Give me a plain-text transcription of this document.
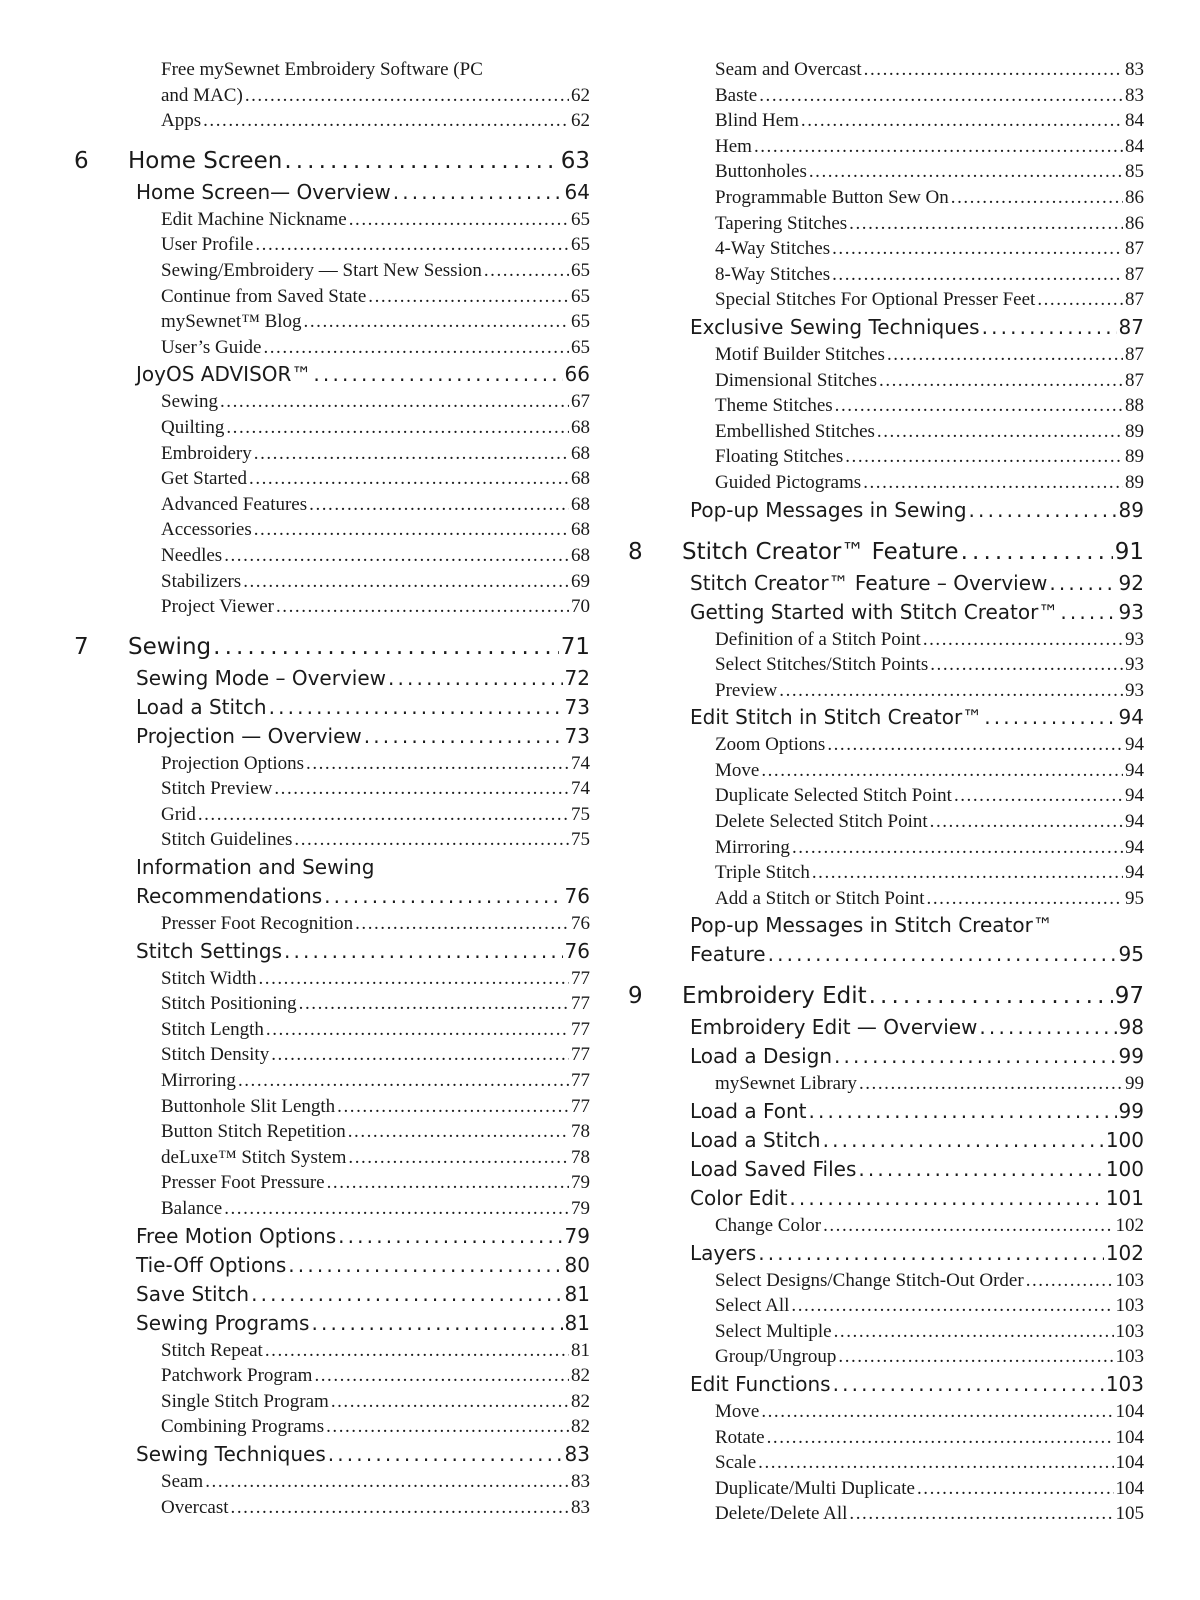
Free mySewnet Embroidery Software (PC
and MAC) . . .	62
Apps . . .	62
6 Home Screen . . .	63
Home Screen— Overview . . .	64
Edit Machine Nickname . . .	65
User Profile . . .	65
Sewing/Embroidery — Start New Session . . .	65
Continue from Saved State . . .	65
mySewnet™ Blog . . .	65
User’s Guide . . .	65
JoyOS ADVISOR™ . . .	66
Sewing . . .	67
Quilting . . .	68
Embroidery . . .	68
Get Started . . .	68
Advanced Features . . .	68
Accessories . . .	68
Needles . . .	68
Stabilizers . . .	69
Project Viewer . . .	70
7 Sewing . . .	71
Sewing Mode – Overview . . .	72
Load a Stitch . . .	73
Projection — Overview . . .	73
Projection Options . . .	74
Stitch Preview . . .	74
Grid . . .	75
Stitch Guidelines . . .	75
Information and Sewing
Recommendations . . .	76
Presser Foot Recognition . . .	76
Stitch Settings . . .	76
Stitch Width . . .	77
Stitch Positioning . . .	77
Stitch Length . . .	77
Stitch Density . . .	77
Mirroring . . .	77
Buttonhole Slit Length . . .	77
Button Stitch Repetition . . .	78
deLuxe™ Stitch System . . .	78
Presser Foot Pressure . . .	79
Balance . . .	79
Free Motion Options . . .	79
Tie-Off Options . . .	80
Save Stitch . . .	81
Sewing Programs . . .	81
Stitch Repeat . . .	81
Patchwork Program . . .	82
Single Stitch Program . . .	82
Combining Programs . . .	82
Sewing Techniques . . .	83
Seam . . .	83
Overcast . . .	83
Seam and Overcast . . .	83
Baste . . .	83
Blind Hem . . .	84
Hem . . .	84
Buttonholes . . .	85
Programmable Button Sew On . . .	86
Tapering Stitches . . .	86
4-Way Stitches . . .	87
8-Way Stitches . . .	87
Special Stitches For Optional Presser Feet . . .	87
Exclusive Sewing Techniques . . .	87
Motif Builder Stitches . . .	87
Dimensional Stitches . . .	87
Theme Stitches . . .	88
Embellished Stitches . . .	89
Floating Stitches . . .	89
Guided Pictograms . . .	89
Pop-up Messages in Sewing . . .	89
8 Stitch Creator™ Feature . . .	91
Stitch Creator™ Feature – Overview . . .	92
Getting Started with Stitch Creator™ . . .	93
Definition of a Stitch Point . . .	93
Select Stitches/Stitch Points . . .	93
Preview . . .	93
Edit Stitch in Stitch Creator™ . . .	94
Zoom Options . . .	94
Move . . .	94
Duplicate Selected Stitch Point . . .	94
Delete Selected Stitch Point . . .	94
Mirroring . . .	94
Triple Stitch . . .	94
Add a Stitch or Stitch Point . . .	95
Pop-up Messages in Stitch Creator™
Feature . . .	95
9 Embroidery Edit . . .	97
Embroidery Edit — Overview . . .	98
Load a Design . . .	99
mySewnet Library . . .	99
Load a Font . . .	99
Load a Stitch . . .	100
Load Saved Files . . .	100
Color Edit . . .	101
Change Color . . .	102
Layers . . .	102
Select Designs/Change Stitch-Out Order . . .	103
Select All . . .	103
Select Multiple . . .	103
Group/Ungroup . . .	103
Edit Functions . . .	103
Move . . .	104
Rotate . . .	104
Scale . . .	104
Duplicate/Multi Duplicate . . .	104
Delete/Delete All . . .	105
